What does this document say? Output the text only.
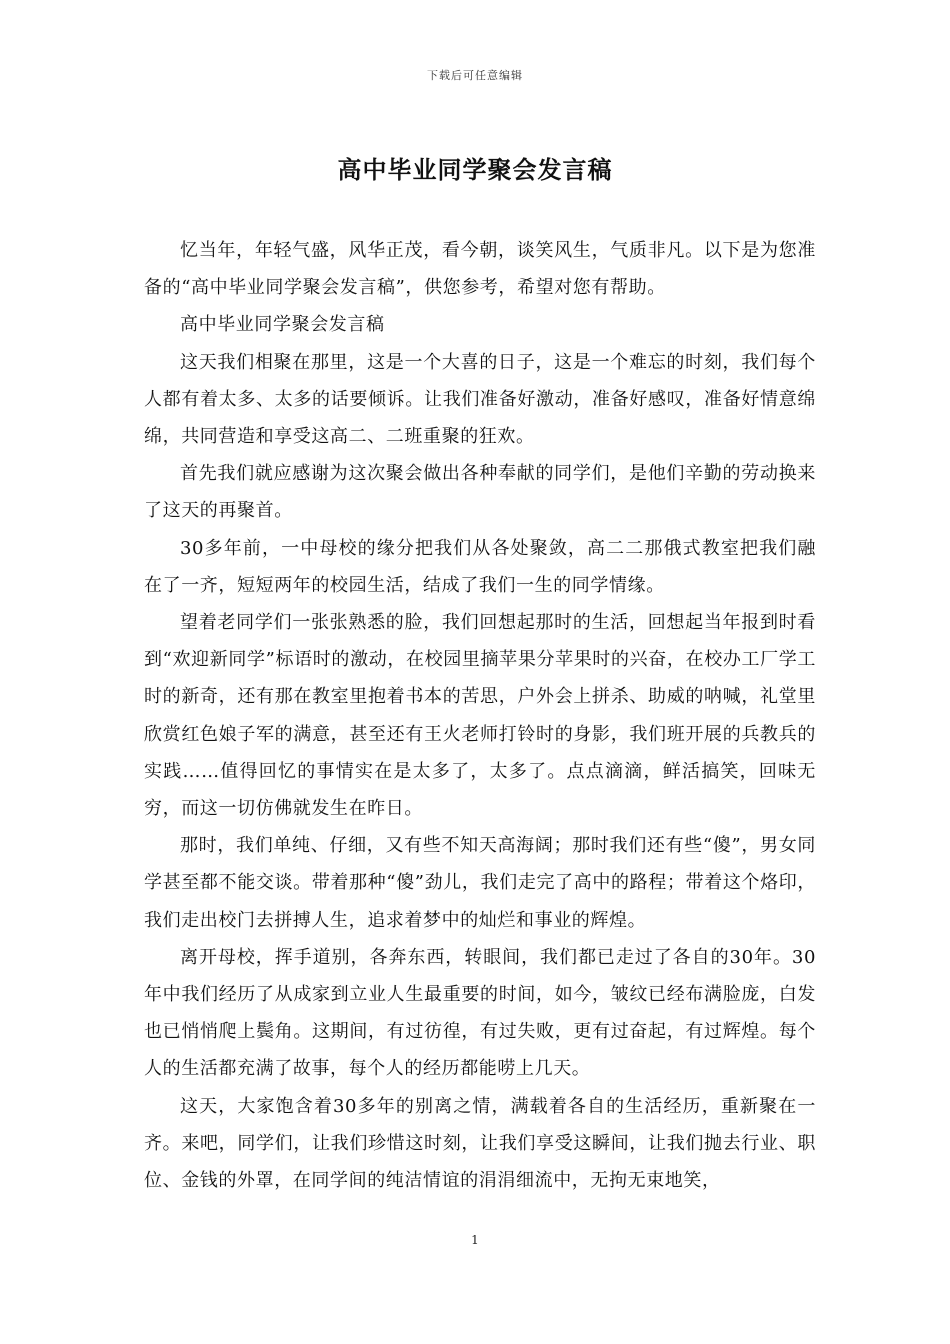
下载后可任意编辑
高中毕业同学聚会发言稿

忆当年，年轻气盛，风华正茂，看今朝，谈笑风生，气质非凡。以下是为您准备的“高中毕业同学聚会发言稿”，供您参考，希望对您有帮助。

高中毕业同学聚会发言稿

这天我们相聚在那里，这是一个大喜的日子，这是一个难忘的时刻，我们每个人都有着太多、太多的话要倾诉。让我们准备好激动，准备好感叹，准备好情意绵绵，共同营造和享受这高二、二班重聚的狂欢。

首先我们就应感谢为这次聚会做出各种奉献的同学们，是他们辛勤的劳动换来了这天的再聚首。

30多年前，一中母校的缘分把我们从各处聚敛，高二二那俄式教室把我们融在了一齐，短短两年的校园生活，结成了我们一生的同学情缘。

望着老同学们一张张熟悉的脸，我们回想起那时的生活，回想起当年报到时看到“欢迎新同学”标语时的激动，在校园里摘苹果分苹果时的兴奋，在校办工厂学工时的新奇，还有那在教室里抱着书本的苦思，户外会上拼杀、助威的呐喊，礼堂里欣赏红色娘子军的满意，甚至还有王火老师打铃时的身影，我们班开展的兵教兵的实践……值得回忆的事情实在是太多了，太多了。点点滴滴，鲜活搞笑，回味无穷，而这一切仿佛就发生在昨日。

那时，我们单纯、仔细，又有些不知天高海阔；那时我们还有些“傻”，男女同学甚至都不能交谈。带着那种“傻”劲儿，我们走完了高中的路程；带着这个烙印，我们走出校门去拼搏人生，追求着梦中的灿烂和事业的辉煌。

离开母校，挥手道别，各奔东西，转眼间，我们都已走过了各自的30年。30年中我们经历了从成家到立业人生最重要的时间，如今，皱纹已经布满脸庞，白发也已悄悄爬上鬓角。这期间，有过彷徨，有过失败，更有过奋起，有过辉煌。每个人的生活都充满了故事，每个人的经历都能唠上几天。

这天，大家饱含着30多年的别离之情，满载着各自的生活经历，重新聚在一齐。来吧，同学们，让我们珍惜这时刻，让我们享受这瞬间，让我们抛去行业、职位、金钱的外罩，在同学间的纯洁情谊的涓涓细流中，无拘无束地笑，

1
